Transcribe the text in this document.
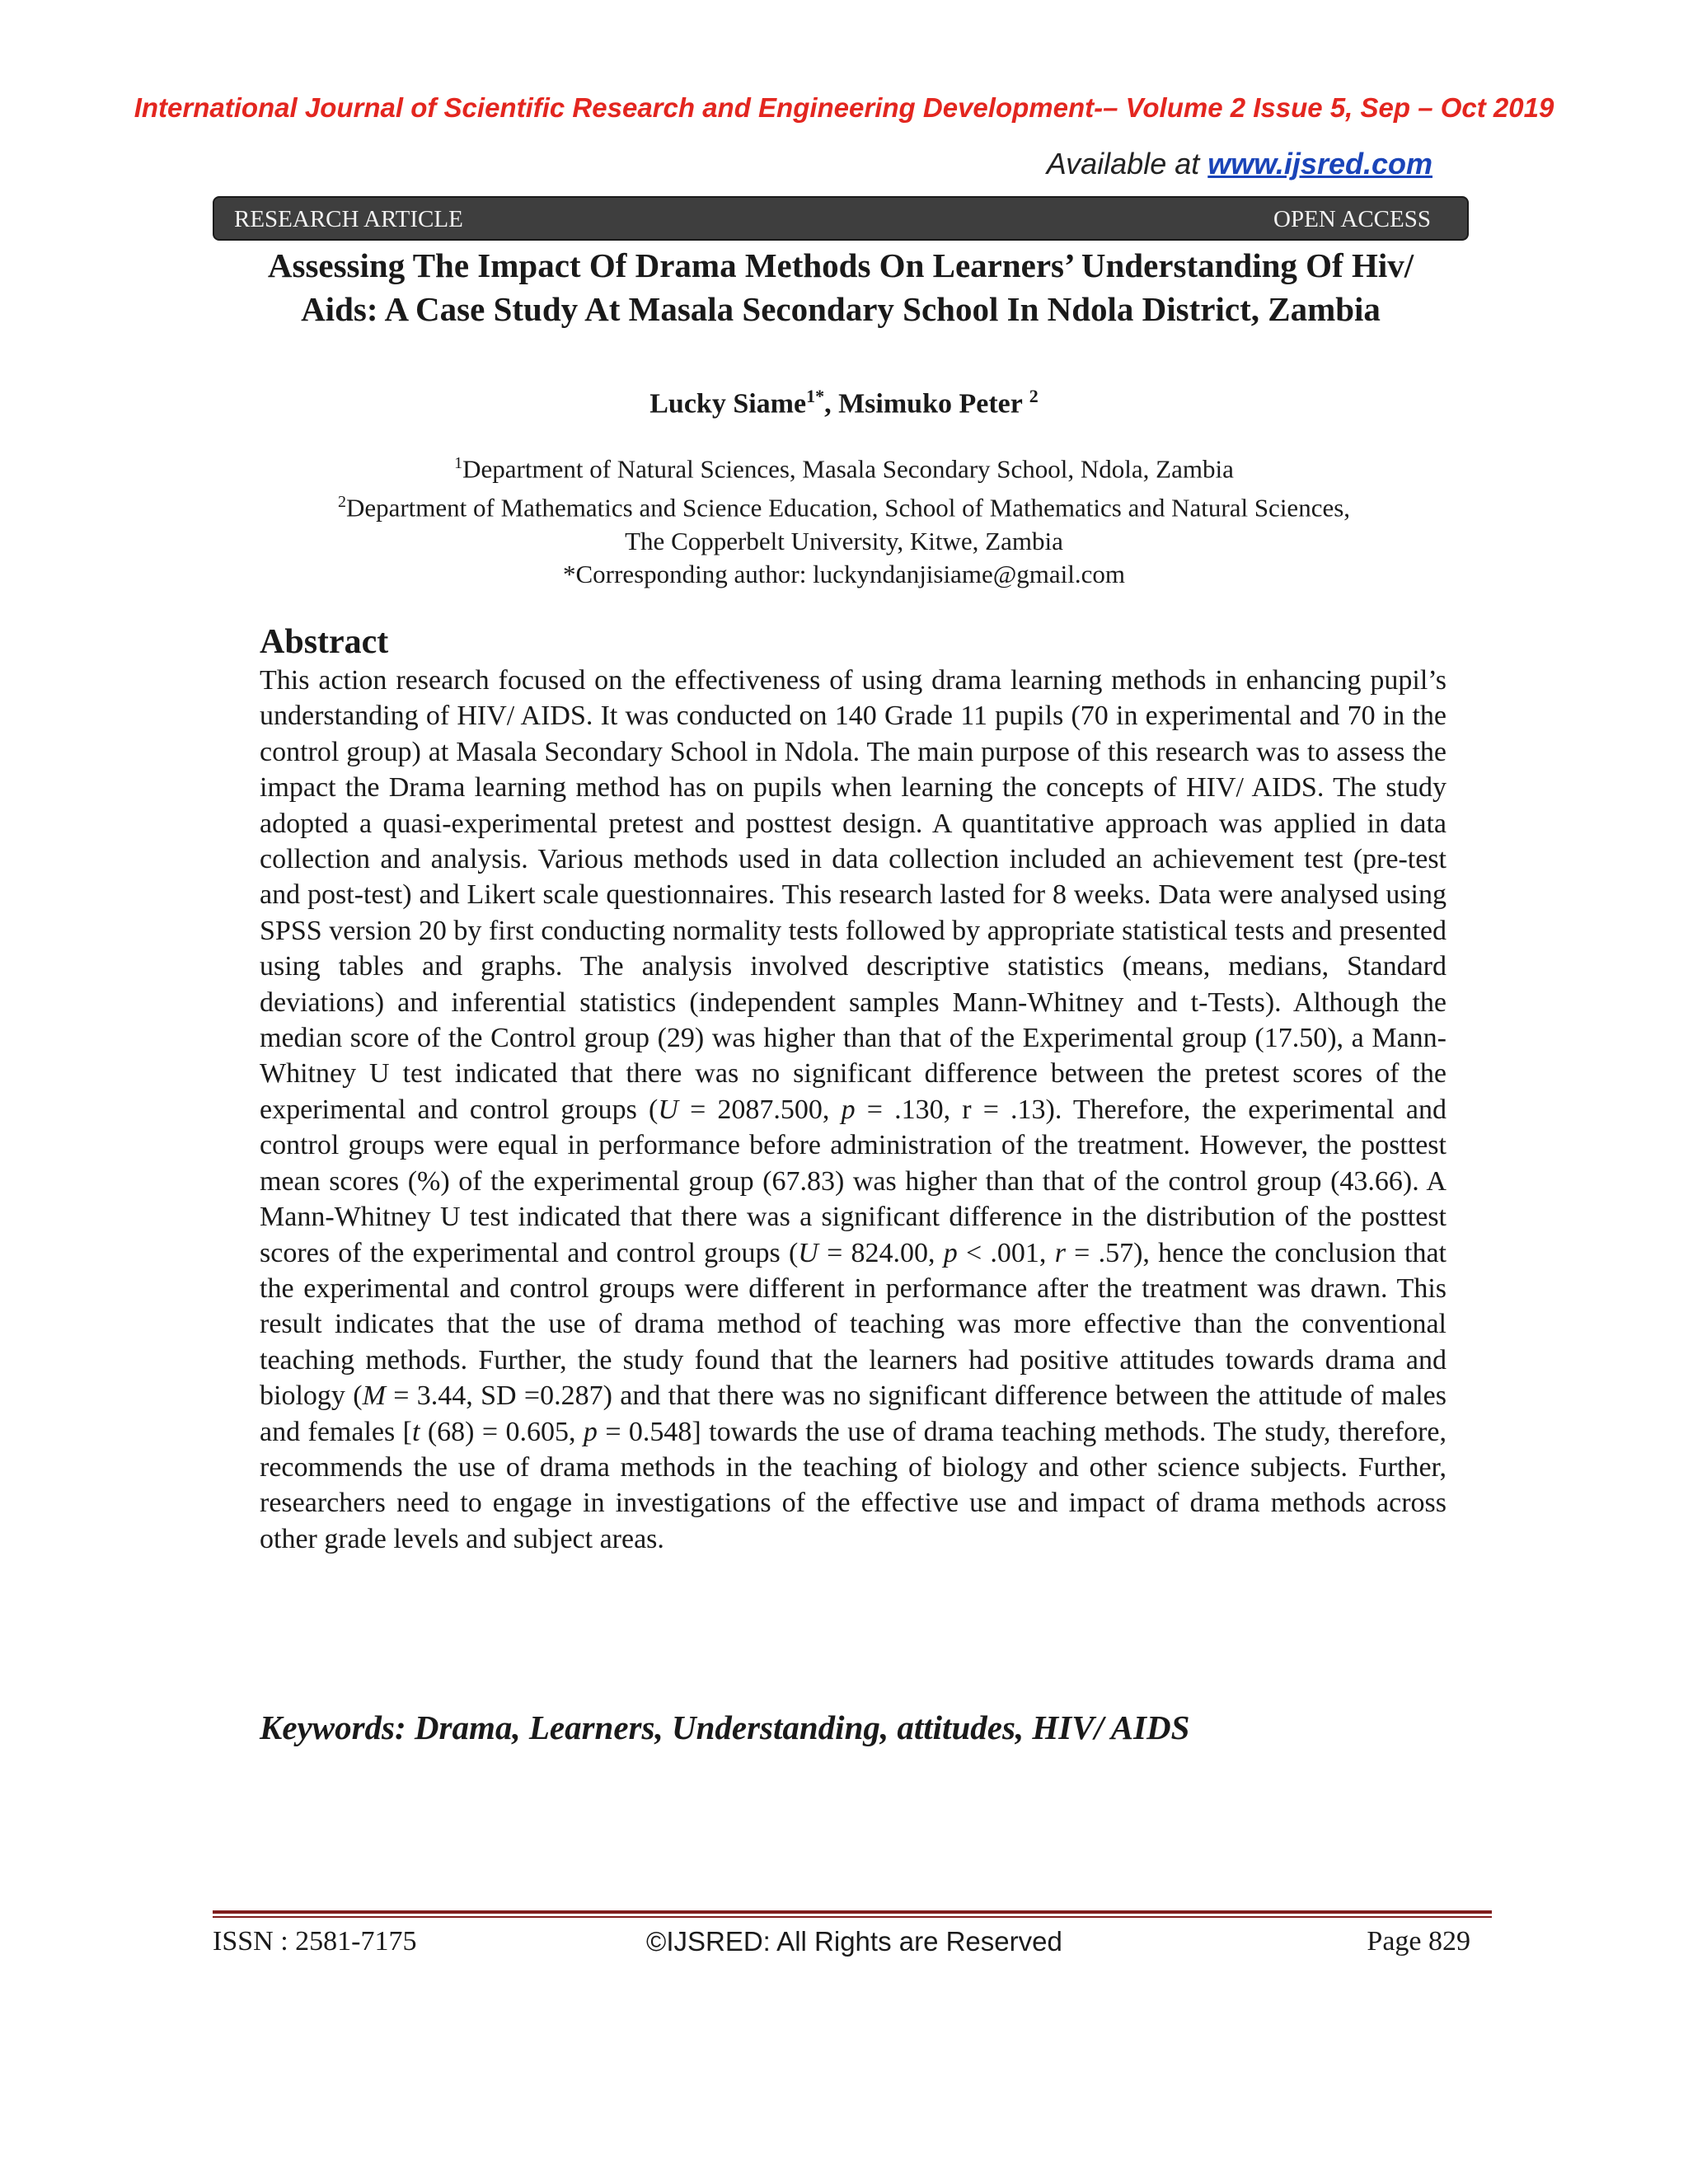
International Journal of Scientific Research and Engineering Development-– Volume 2 Issue 5, Sep – Oct 2019
Available at www.ijsred.com
RESEARCH ARTICLE	OPEN ACCESS
Assessing The Impact Of Drama Methods On Learners’ Understanding Of Hiv/
Aids: A Case Study At Masala Secondary School In Ndola District, Zambia
Lucky Siame$^{1*}$, Msimuko Peter $^2$
$^1$Department of Natural Sciences, Masala Secondary School, Ndola, Zambia
$^2$Department of Mathematics and Science Education, School of Mathematics and Natural Sciences,
The Copperbelt University, Kitwe, Zambia
*Corresponding author: luckyndanjisiame@gmail.com
Abstract
This action research focused on the effectiveness of using drama learning methods in enhancing pupil’s understanding of HIV/ AIDS. It was conducted on 140 Grade 11 pupils (70 in experimental and 70 in the control group) at Masala Secondary School in Ndola. The main purpose of this research was to assess the impact the Drama learning method has on pupils when learning the concepts of HIV/ AIDS. The study adopted a quasi-experimental pretest and posttest design. A quantitative approach was applied in data collection and analysis. Various methods used in data collection included an achievement test (pre-test and post-test) and Likert scale questionnaires. This research lasted for 8 weeks. Data were analysed using SPSS version 20 by first conducting normality tests followed by appropriate statistical tests and presented using tables and graphs. The analysis involved descriptive statistics (means, medians, Standard deviations) and inferential statistics (independent samples Mann-Whitney and t-Tests). Although the median score of the Control group (29) was higher than that of the Experimental group (17.50), a Mann-Whitney U test indicated that there was no significant difference between the pretest scores of the experimental and control groups (U = 2087.500, p = .130, r = .13). Therefore, the experimental and control groups were equal in performance before administration of the treatment. However, the posttest mean scores (%) of the experimental group (67.83) was higher than that of the control group (43.66). A Mann-Whitney U test indicated that there was a significant difference in the distribution of the posttest scores of the experimental and control groups (U = 824.00, p < .001, r = .57), hence the conclusion that the experimental and control groups were different in performance after the treatment was drawn. This result indicates that the use of drama method of teaching was more effective than the conventional teaching methods. Further, the study found that the learners had positive attitudes towards drama and biology (M = 3.44, SD =0.287) and that there was no significant difference between the attitude of males and females [t (68) = 0.605, p = 0.548] towards the use of drama teaching methods. The study, therefore, recommends the use of drama methods in the teaching of biology and other science subjects. Further, researchers need to engage in investigations of the effective use and impact of drama methods across other grade levels and subject areas.
Keywords: Drama, Learners, Understanding, attitudes, HIV/ AIDS
ISSN : 2581-7175	©IJSRED: All Rights are Reserved	Page 829
